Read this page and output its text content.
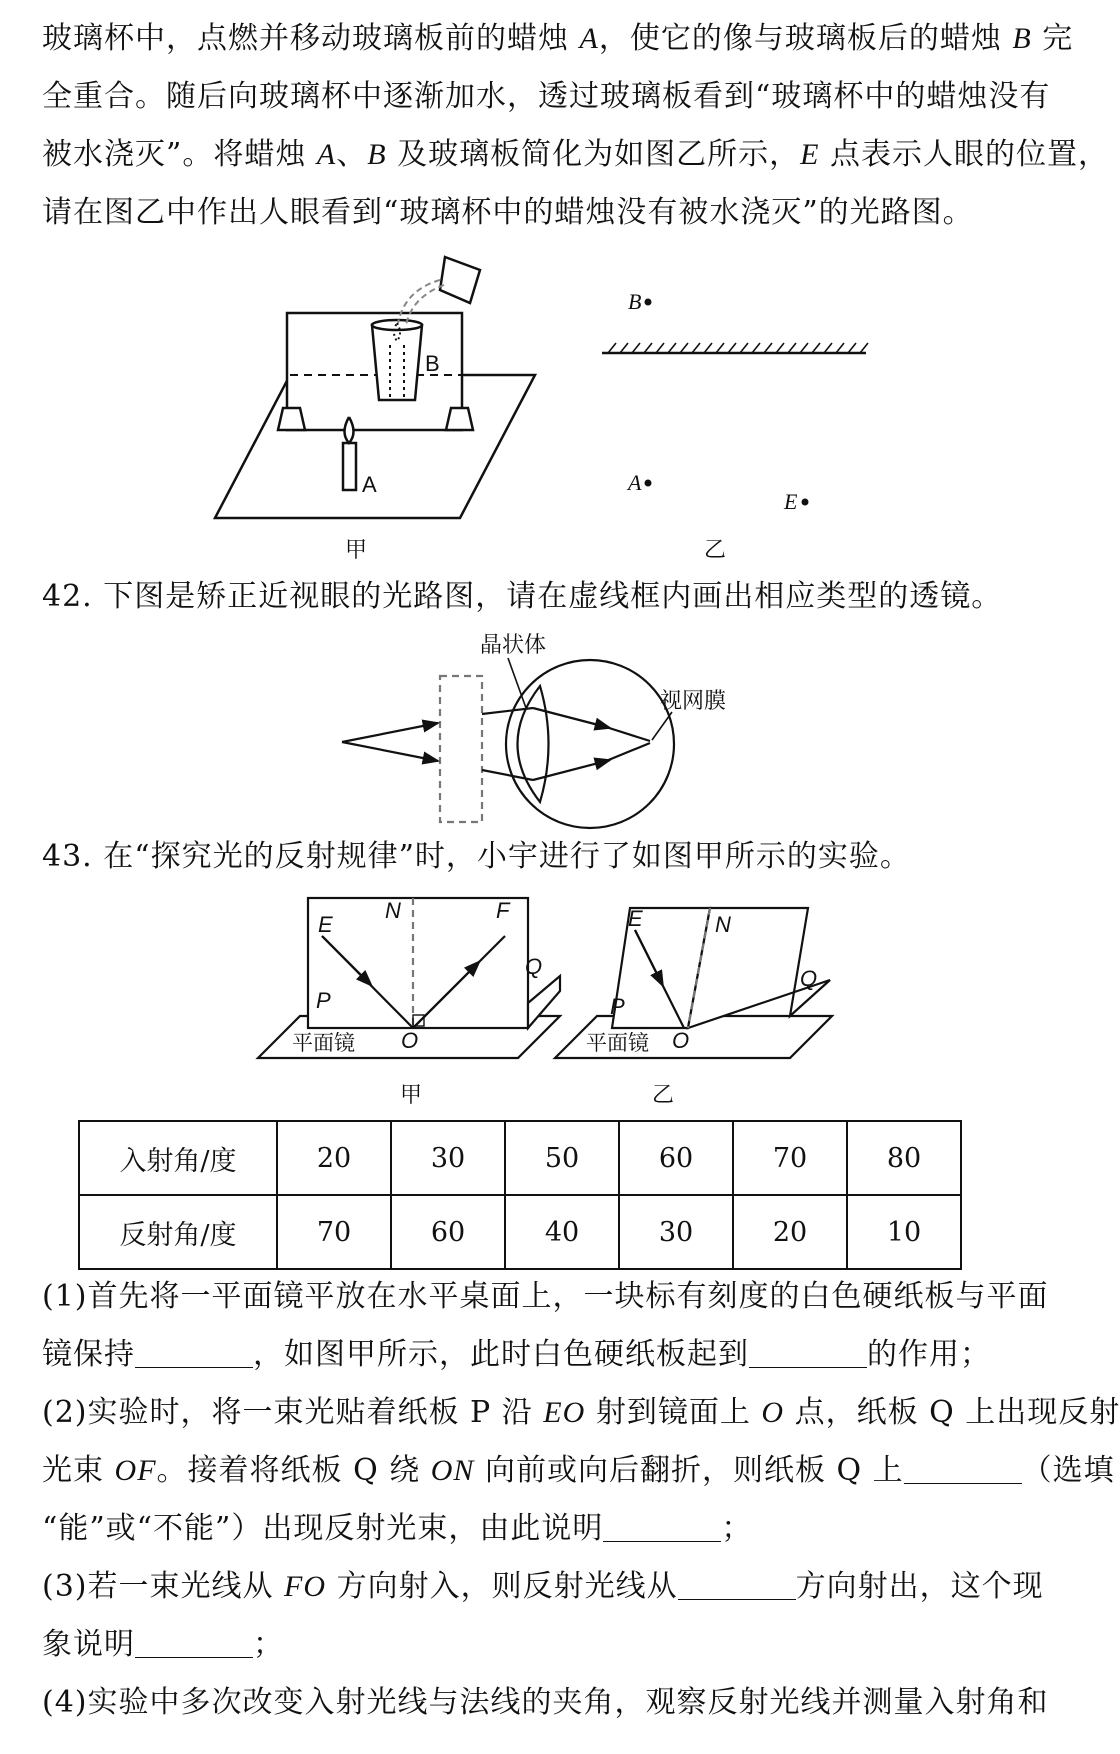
玻璃杯中，点燃并移动玻璃板前的蜡烛 A，使它的像与玻璃板后的蜡烛 B 完
全重合。随后向玻璃杯中逐渐加水，透过玻璃板看到“玻璃杯中的蜡烛没有
被水浇灭”。将蜡烛 A、B 及玻璃板简化为如图乙所示，E 点表示人眼的位置，
请在图乙中作出人眼看到“玻璃杯中的蜡烛没有被水浇灭”的光路图。
B
A
甲
B
A
E
乙
42. 下图是矫正近视眼的光路图，请在虚线框内画出相应类型的透镜。
晶状体
视网膜
43. 在“探究光的反射规律”时，小宇进行了如图甲所示的实验。
E
N	F
Q
P
O
平面镜
甲
E	N
Q
P
O
平面镜
乙
入射角/度	20	30	50	60	70	80
反射角/度	70	60	40	30	20	10
(1)首先将一平面镜平放在水平桌面上，一块标有刻度的白色硬纸板与平面
镜保持	，如图甲所示，此时白色硬纸板起到	的作用；
(2)实验时，将一束光贴着纸板 P 沿 EO 射到镜面上 O 点，纸板 Q 上出现反射
光束 OF。接着将纸板 Q 绕 ON 向前或向后翻折，则纸板 Q 上	（选填
“能”或“不能”）出现反射光束，由此说明	；
(3)若一束光线从 FO 方向射入，则反射光线从	方向射出，这个现
象说明	；
(4)实验中多次改变入射光线与法线的夹角，观察反射光线并测量入射角和
